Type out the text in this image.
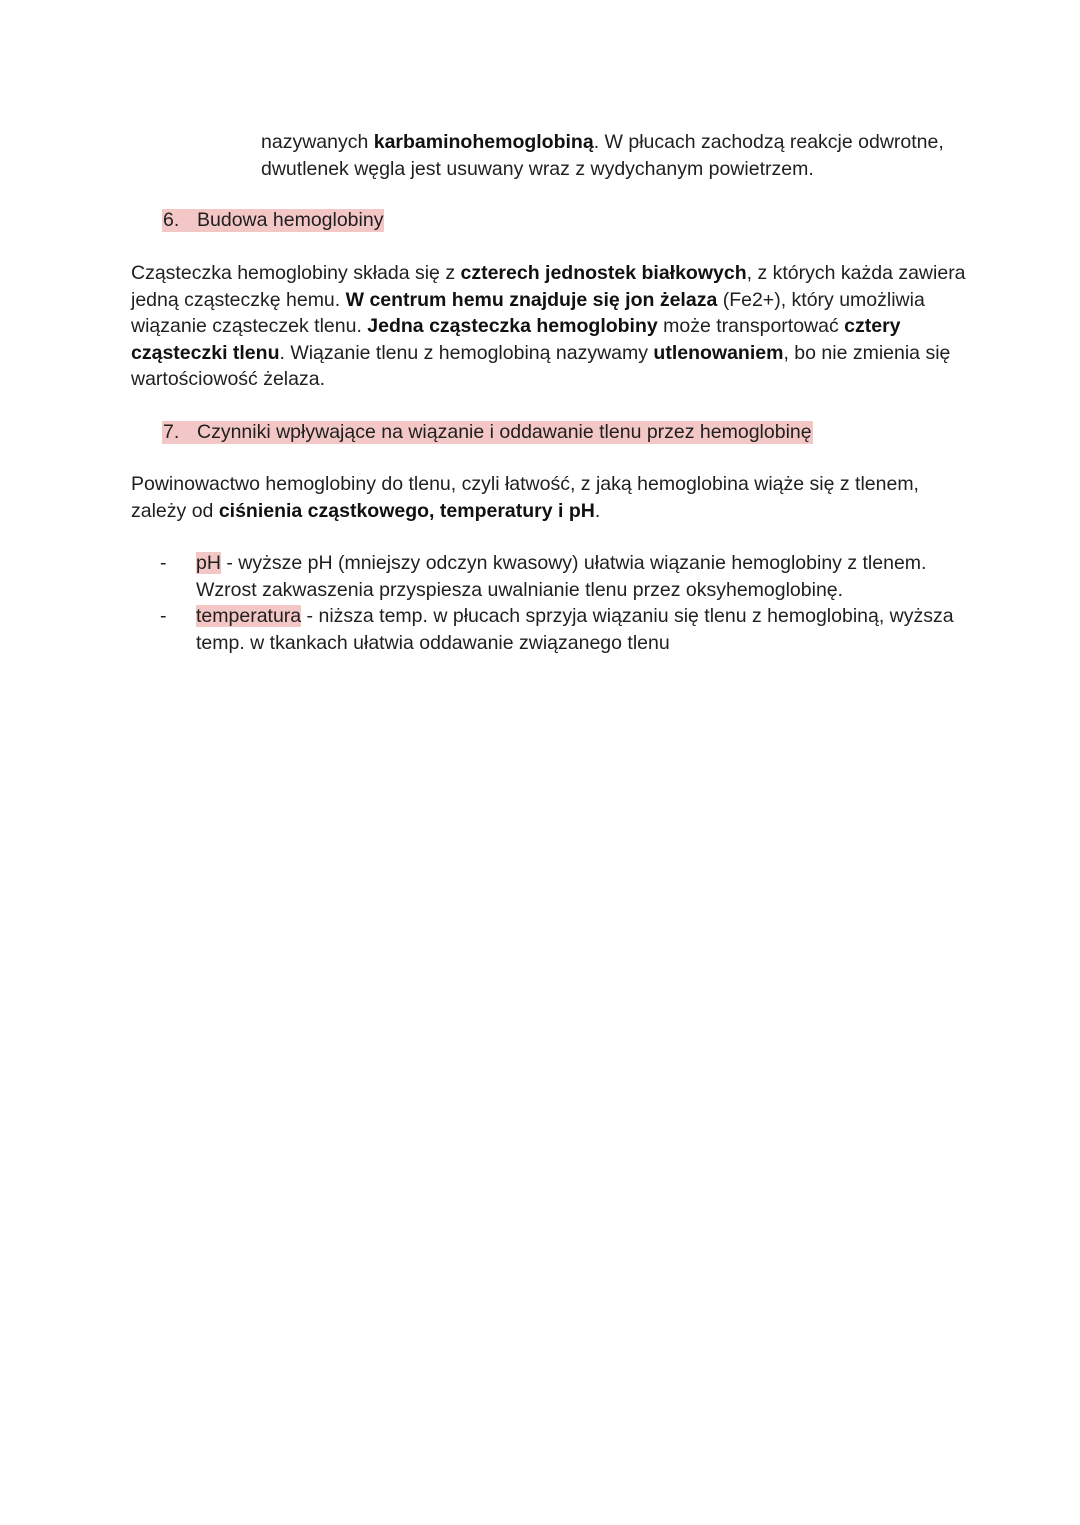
nazywanych karbaminohemoglobiną. W płucach zachodzą reakcje odwrotne, dwutlenek węgla jest usuwany wraz z wydychanym powietrzem.
6. Budowa hemoglobiny
Cząsteczka hemoglobiny składa się z czterech jednostek białkowych, z których każda zawiera jedną cząsteczkę hemu. W centrum hemu znajduje się jon żelaza (Fe2+), który umożliwia wiązanie cząsteczek tlenu. Jedna cząsteczka hemoglobiny może transportować cztery cząsteczki tlenu. Wiązanie tlenu z hemoglobiną nazywamy utlenowaniem, bo nie zmienia się wartościowość żelaza.
7. Czynniki wpływające na wiązanie i oddawanie tlenu przez hemoglobinę
Powinowactwo hemoglobiny do tlenu, czyli łatwość, z jaką hemoglobina wiąże się z tlenem, zależy od ciśnienia cząstkowego, temperatury i pH.
- pH - wyższe pH (mniejszy odczyn kwasowy) ułatwia wiązanie hemoglobiny z tlenem. Wzrost zakwaszenia przyspiesza uwalnianie tlenu przez oksyhemoglobinę.
- temperatura - niższa temp. w płucach sprzyja wiązaniu się tlenu z hemoglobiną, wyższa temp. w tkankach ułatwia oddawanie związanego tlenu
